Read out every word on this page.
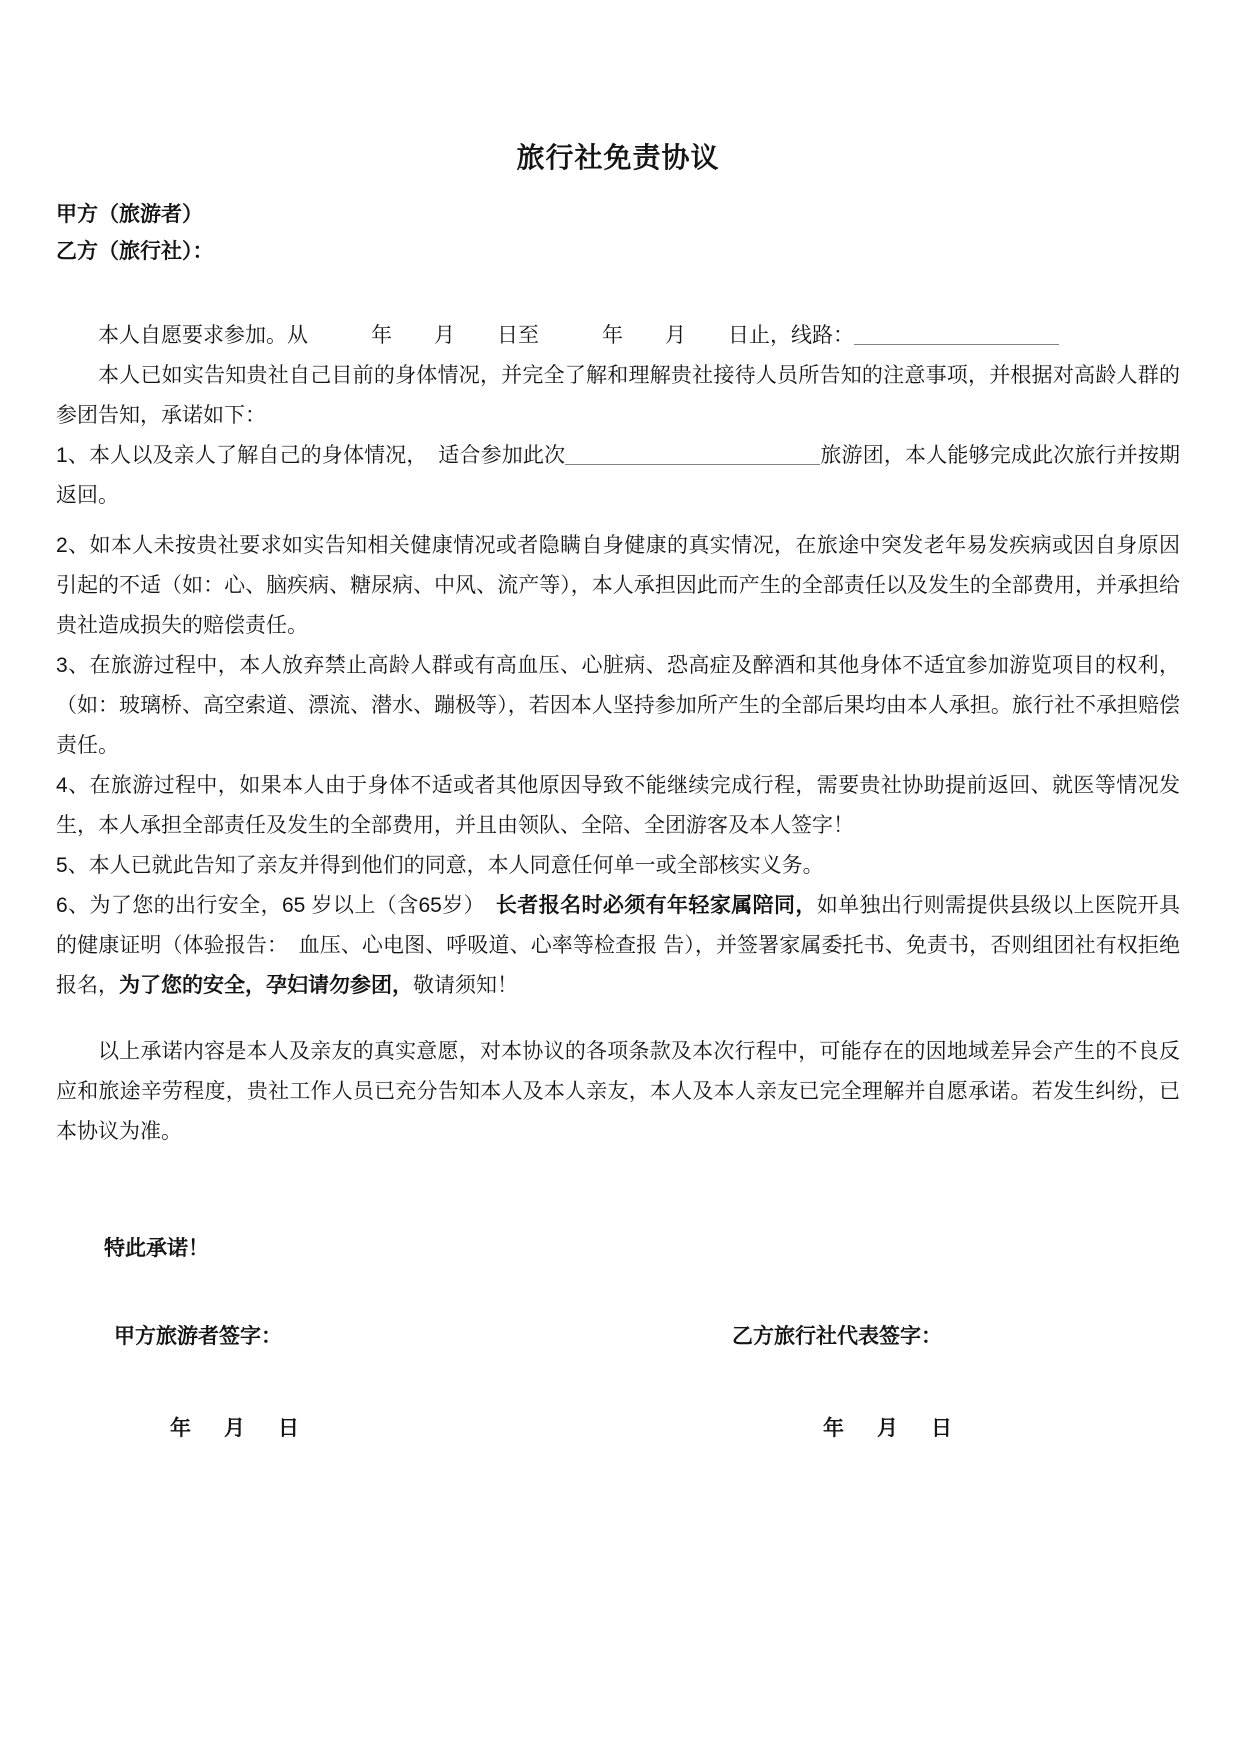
旅行社免责协议

甲方（旅游者）

乙方（旅行社）：

本人自愿要求参加。从　　　年　　月　　日至　　　年　　月　　日止，线路：

本人已如实告知贵社自己目前的身体情况，并完全了解和理解贵社接待人员所告知的注意事项，并根据对高龄人群的参团告知，承诺如下：

1、本人以及亲人了解自己的身体情况，　适合参加此次	旅游团，本人能够完成此次旅行并按期返回。

2、如本人未按贵社要求如实告知相关健康情况或者隐瞒自身健康的真实情况，在旅途中突发老年易发疾病或因自身原因引起的不适（如：心、脑疾病、糖尿病、中风、流产等），本人承担因此而产生的全部责任以及发生的全部费用，并承担给贵社造成损失的赔偿责任。

3、在旅游过程中，本人放弃禁止高龄人群或有高血压、心脏病、恐高症及醉酒和其他身体不适宜参加游览项目的权利，（如：玻璃桥、高空索道、漂流、潜水、蹦极等），若因本人坚持参加所产生的全部后果均由本人承担。旅行社不承担赔偿责任。

4、在旅游过程中，如果本人由于身体不适或者其他原因导致不能继续完成行程，需要贵社协助提前返回、就医等情况发生，本人承担全部责任及发生的全部费用，并且由领队、全陪、全团游客及本人签字！

5、本人已就此告知了亲友并得到他们的同意，本人同意任何单一或全部核实义务。

6、为了您的出行安全，65 岁以上（含65岁）　长者报名时必须有年轻家属陪同，如单独出行则需提供县级以上医院开具的健康证明（体验报告：　血压、心电图、呼吸道、心率等检查报 告），并签署家属委托书、免责书，否则组团社有权拒绝报名，为了您的安全，孕妇请勿参团，敬请须知！

以上承诺内容是本人及亲友的真实意愿，对本协议的各项条款及本次行程中，可能存在的因地域差异会产生的不良反应和旅途辛劳程度，贵社工作人员已充分告知本人及本人亲友，本人及本人亲友已完全理解并自愿承诺。若发生纠纷，已本协议为准。

特此承诺！

甲方旅游者签字：	乙方旅行社代表签字：
年　月　日	年　月　日
